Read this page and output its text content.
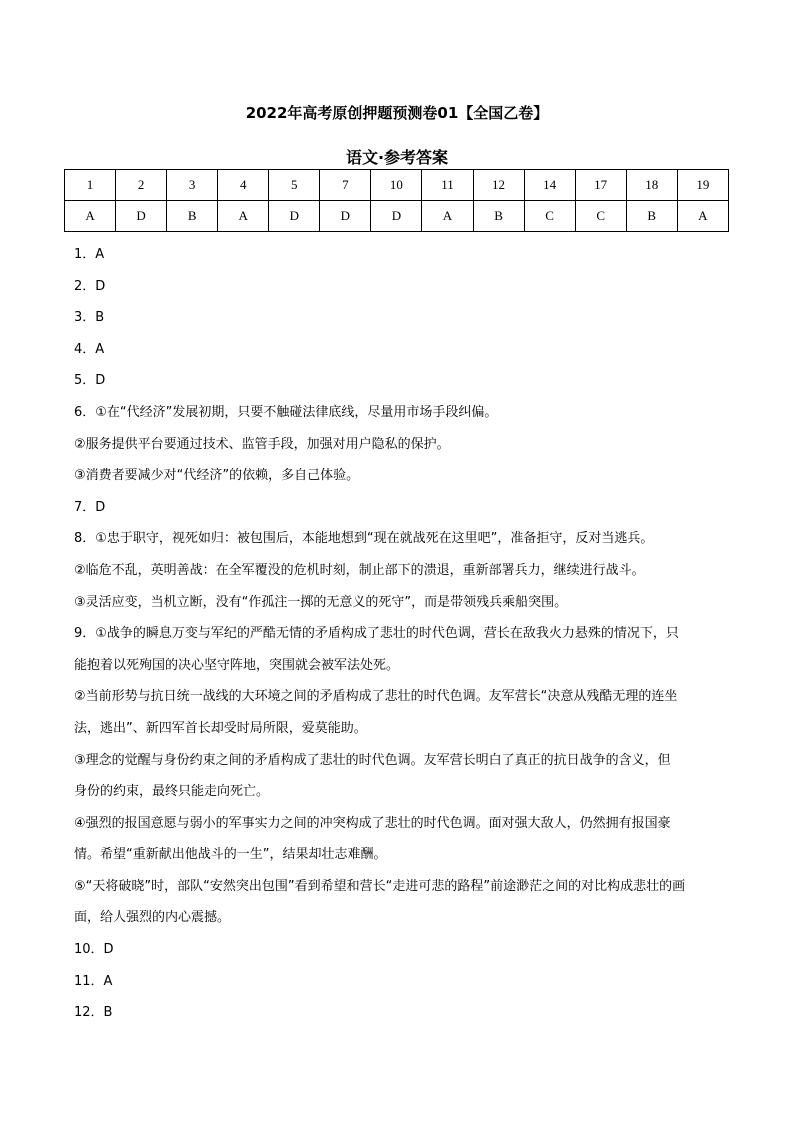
2022年高考原创押题预测卷01【全国乙卷】
语文·参考答案
1	2	3	4	5	7	10	11	12	14	17	18	19
A	D	B	A	D	D	D	A	B	C	C	B	A
1．A
2．D
3．B
4．A
5．D
6．①在“代经济”发展初期，只要不触碰法律底线，尽量用市场手段纠偏。
②服务提供平台要通过技术、监管手段，加强对用户隐私的保护。
③消费者要减少对“代经济”的依赖，多自己体验。
7．D
8．①忠于职守，视死如归：被包围后，本能地想到“现在就战死在这里吧”，准备拒守，反对当逃兵。
②临危不乱，英明善战：在全军覆没的危机时刻，制止部下的溃退，重新部署兵力，继续进行战斗。
③灵活应变，当机立断，没有“作孤注一掷的无意义的死守”，而是带领残兵乘船突围。
9．①战争的瞬息万变与军纪的严酷无情的矛盾构成了悲壮的时代色调，营长在敌我火力悬殊的情况下，只
能抱着以死殉国的决心坚守阵地，突围就会被军法处死。
②当前形势与抗日统一战线的大环境之间的矛盾构成了悲壮的时代色调。友军营长“决意从残酷无理的连坐
法，逃出”、新四军首长却受时局所限，爱莫能助。
③理念的觉醒与身份约束之间的矛盾构成了悲壮的时代色调。友军营长明白了真正的抗日战争的含义，但
身份的约束，最终只能走向死亡。
④强烈的报国意愿与弱小的军事实力之间的冲突构成了悲壮的时代色调。面对强大敌人，仍然拥有报国豪
情。希望“重新献出他战斗的一生”，结果却壮志难酬。
⑤“天将破晓”时，部队“安然突出包围”看到希望和营长“走进可悲的路程”前途渺茫之间的对比构成悲壮的画
面，给人强烈的内心震撼。
10．D
11．A
12．B
